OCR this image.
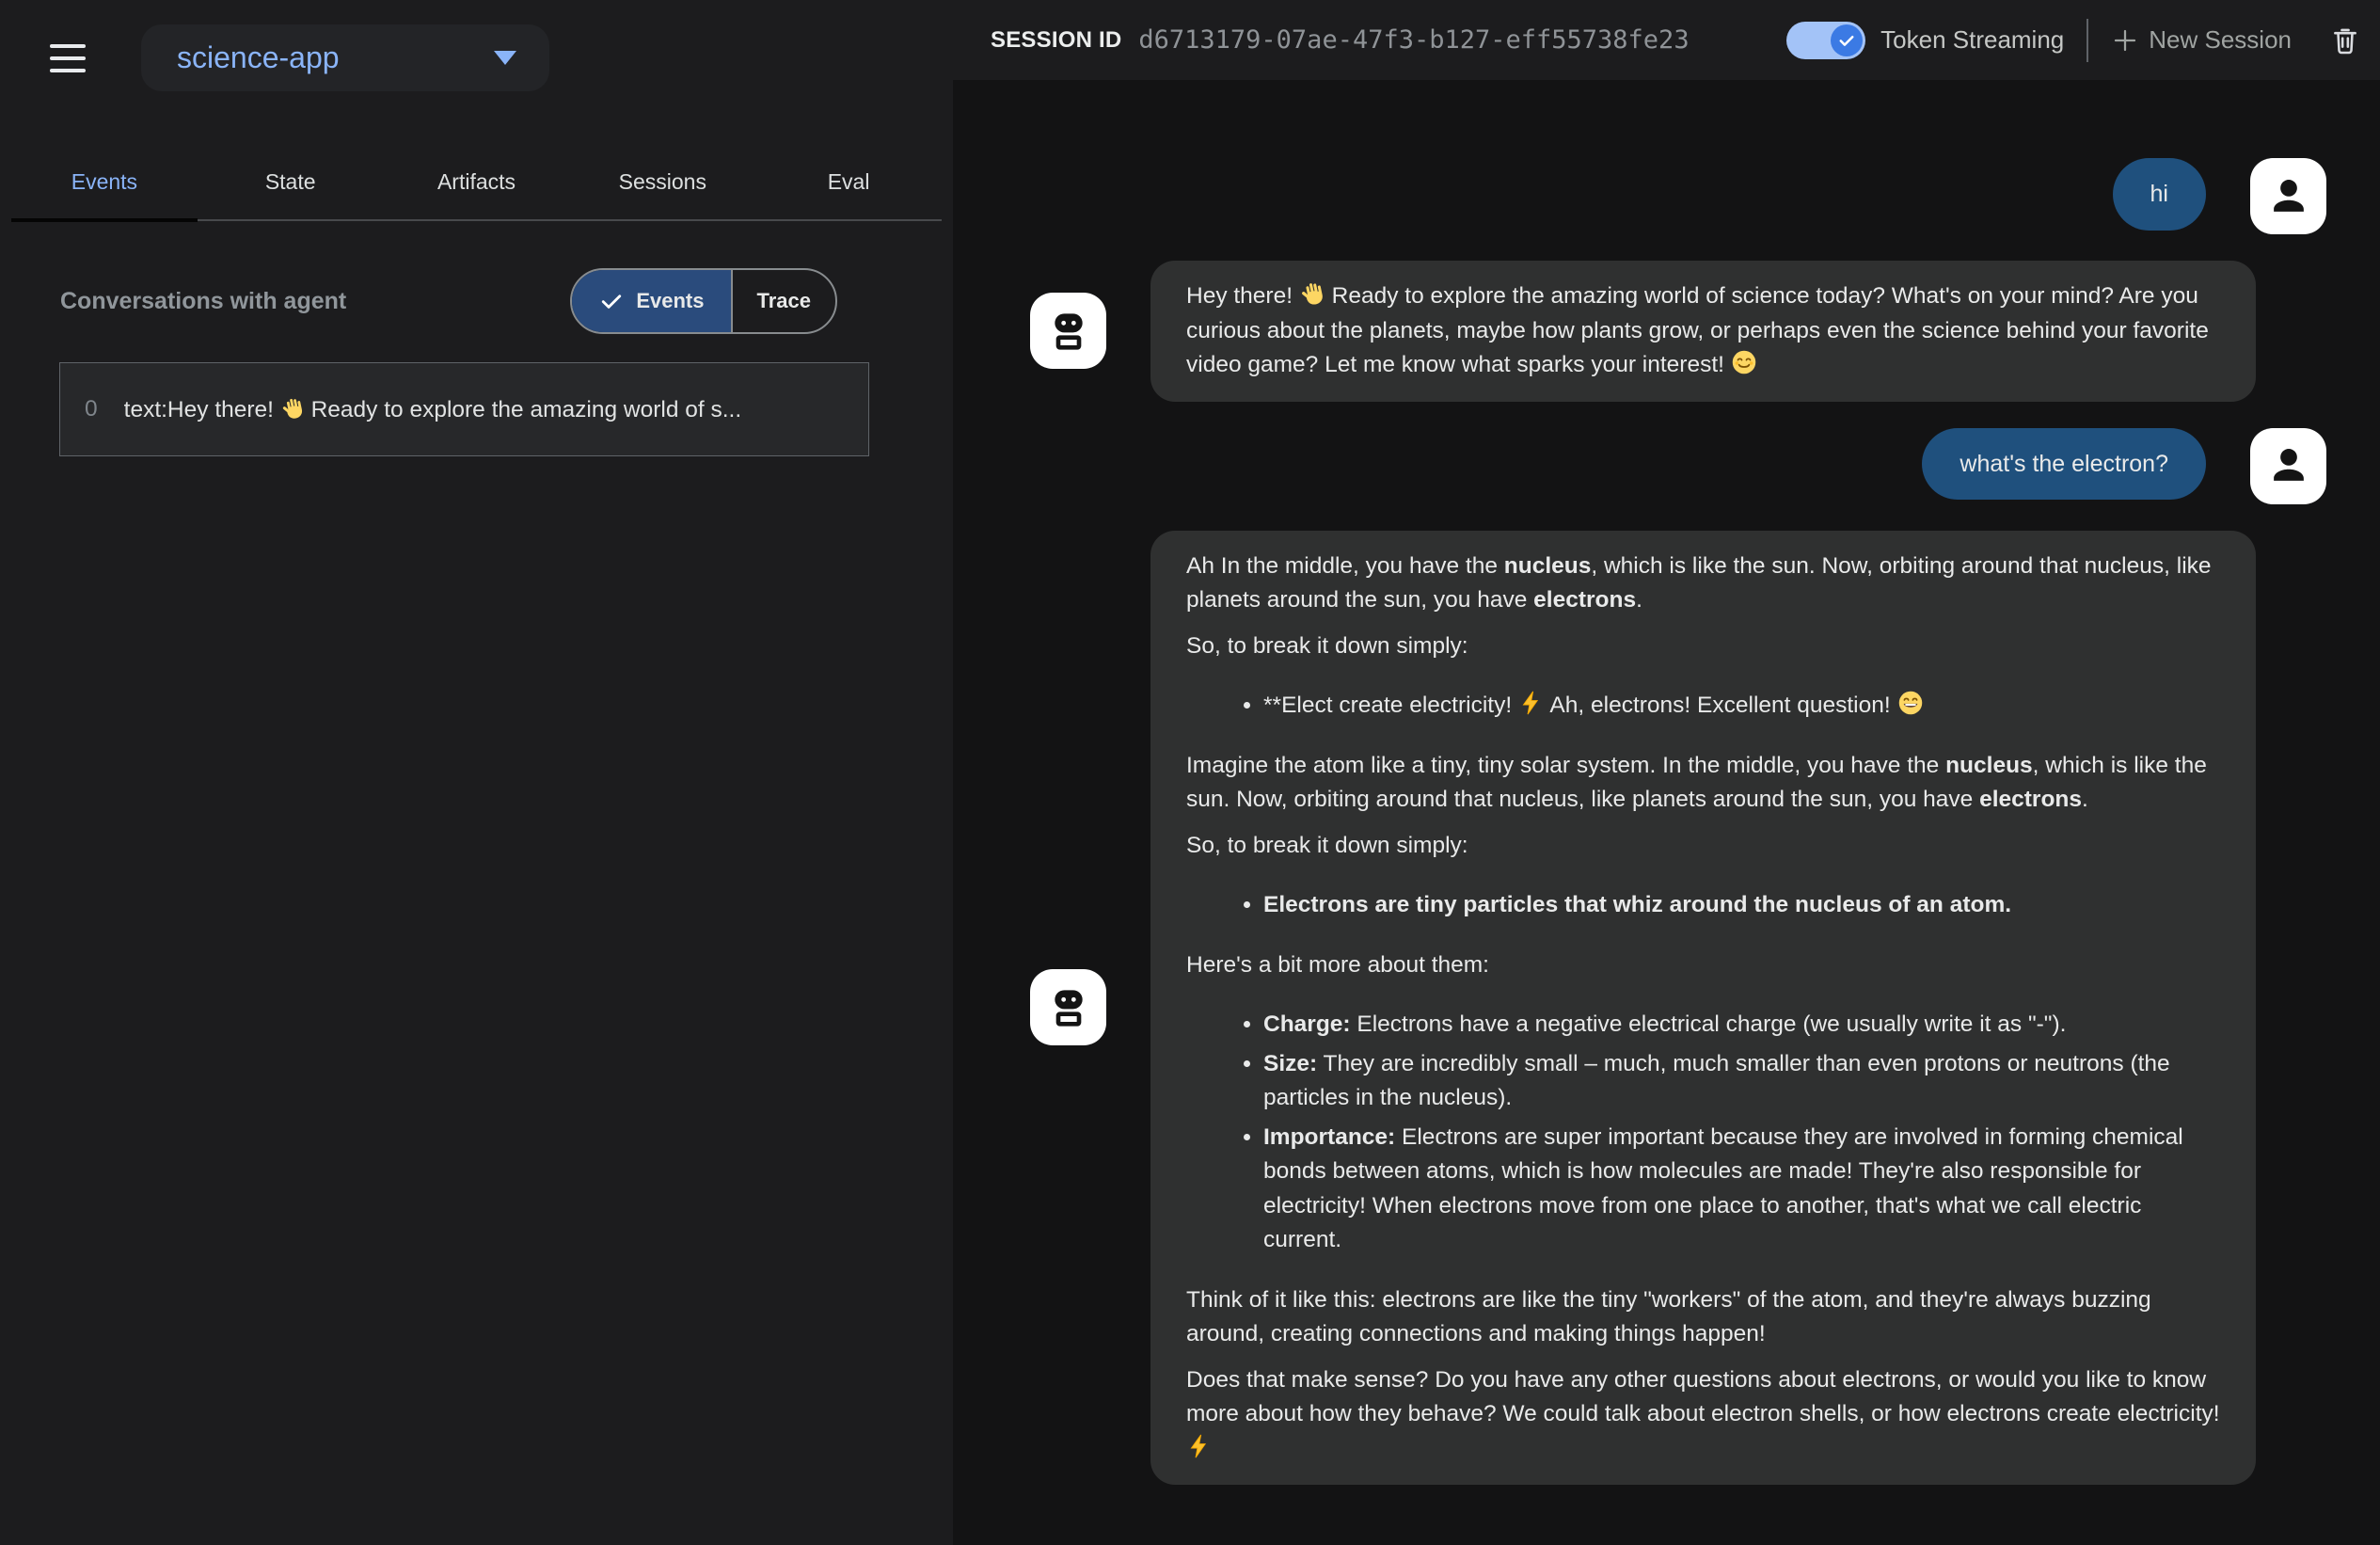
science-app
Events	State	Artifacts	Sessions	Eval
Conversations with agent	Events	Trace
0 text:Hey there!  Ready to explore the amazing world of s...
SESSION ID d6713179-07ae-47f3-b127-eff55738fe23	Token Streaming	New Session

hi

Hey there!  Ready to explore the amazing world of science today? What's on your mind? Are you curious about the planets, maybe how plants grow, or perhaps even the science behind your favorite video game? Let me know what sparks your interest!

what's the electron?

Ah In the middle, you have the nucleus, which is like the sun. Now, orbiting around that nucleus, like planets around the sun, you have electrons.

So, to break it down simply:

• **Elect create electricity!  Ah, electrons! Excellent question!

Imagine the atom like a tiny, tiny solar system. In the middle, you have the nucleus, which is like the sun. Now, orbiting around that nucleus, like planets around the sun, you have electrons.

So, to break it down simply:

• Electrons are tiny particles that whiz around the nucleus of an atom.

Here's a bit more about them:

• Charge: Electrons have a negative electrical charge (we usually write it as "-").
• Size: They are incredibly small – much, much smaller than even protons or neutrons (the particles in the nucleus).
• Importance: Electrons are super important because they are involved in forming chemical bonds between atoms, which is how molecules are made! They're also responsible for electricity! When electrons move from one place to another, that's what we call electric current.

Think of it like this: electrons are like the tiny "workers" of the atom, and they're always buzzing around, creating connections and making things happen!

Does that make sense? Do you have any other questions about electrons, or would you like to know more about how they behave? We could talk about electron shells, or how electrons create electricity!
